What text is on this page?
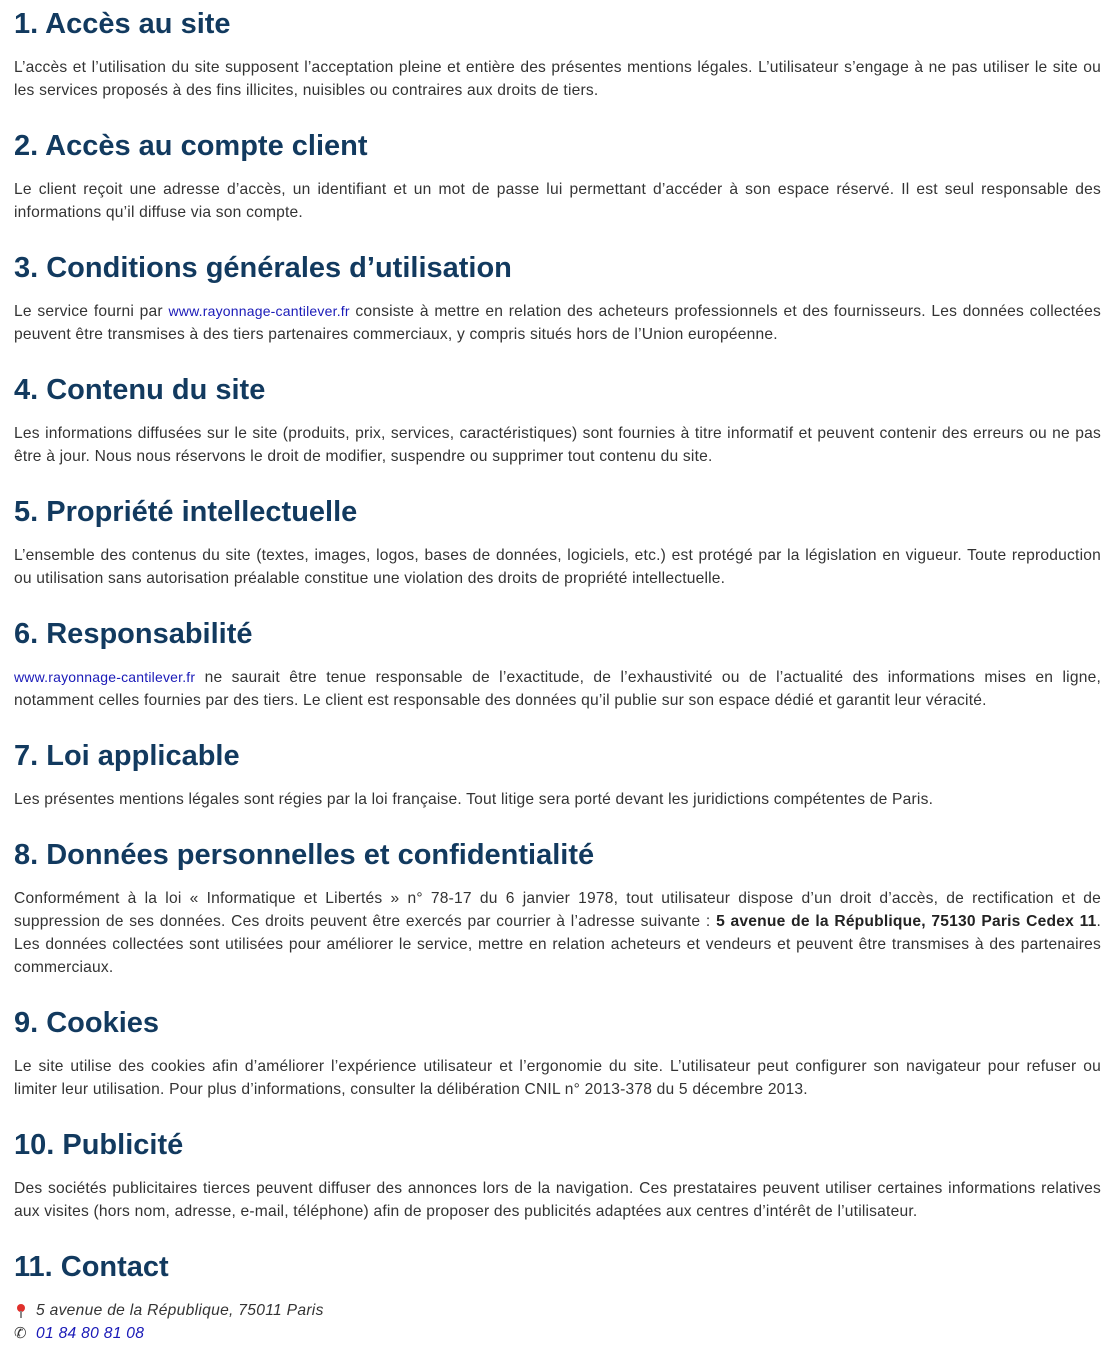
1. Accès au site

L’accès et l’utilisation du site supposent l’acceptation pleine et entière des présentes mentions légales. L’utilisateur s’engage à ne pas utiliser le site ou les services proposés à des fins illicites, nuisibles ou contraires aux droits de tiers.

2. Accès au compte client

Le client reçoit une adresse d’accès, un identifiant et un mot de passe lui permettant d’accéder à son espace réservé. Il est seul responsable des informations qu’il diffuse via son compte.

3. Conditions générales d’utilisation

Le service fourni par www.rayonnage-cantilever.fr consiste à mettre en relation des acheteurs professionnels et des fournisseurs. Les données collectées peuvent être transmises à des tiers partenaires commerciaux, y compris situés hors de l’Union européenne.

4. Contenu du site

Les informations diffusées sur le site (produits, prix, services, caractéristiques) sont fournies à titre informatif et peuvent contenir des erreurs ou ne pas être à jour. Nous nous réservons le droit de modifier, suspendre ou supprimer tout contenu du site.

5. Propriété intellectuelle

L’ensemble des contenus du site (textes, images, logos, bases de données, logiciels, etc.) est protégé par la législation en vigueur. Toute reproduction ou utilisation sans autorisation préalable constitue une violation des droits de propriété intellectuelle.

6. Responsabilité

www.rayonnage-cantilever.fr ne saurait être tenue responsable de l’exactitude, de l’exhaustivité ou de l’actualité des informations mises en ligne, notamment celles fournies par des tiers. Le client est responsable des données qu’il publie sur son espace dédié et garantit leur véracité.

7. Loi applicable

Les présentes mentions légales sont régies par la loi française. Tout litige sera porté devant les juridictions compétentes de Paris.

8. Données personnelles et confidentialité

Conformément à la loi « Informatique et Libertés » n° 78-17 du 6 janvier 1978, tout utilisateur dispose d’un droit d’accès, de rectification et de suppression de ses données. Ces droits peuvent être exercés par courrier à l’adresse suivante : 5 avenue de la République, 75130 Paris Cedex 11. Les données collectées sont utilisées pour améliorer le service, mettre en relation acheteurs et vendeurs et peuvent être transmises à des partenaires commerciaux.

9. Cookies

Le site utilise des cookies afin d’améliorer l’expérience utilisateur et l’ergonomie du site. L’utilisateur peut configurer son navigateur pour refuser ou limiter leur utilisation. Pour plus d’informations, consulter la délibération CNIL n° 2013-378 du 5 décembre 2013.

10. Publicité

Des sociétés publicitaires tierces peuvent diffuser des annonces lors de la navigation. Ces prestataires peuvent utiliser certaines informations relatives aux visites (hors nom, adresse, e-mail, téléphone) afin de proposer des publicités adaptées aux centres d’intérêt de l’utilisateur.

11. Contact
5 avenue de la République, 75011 Paris
✆ 01 84 80 81 08
